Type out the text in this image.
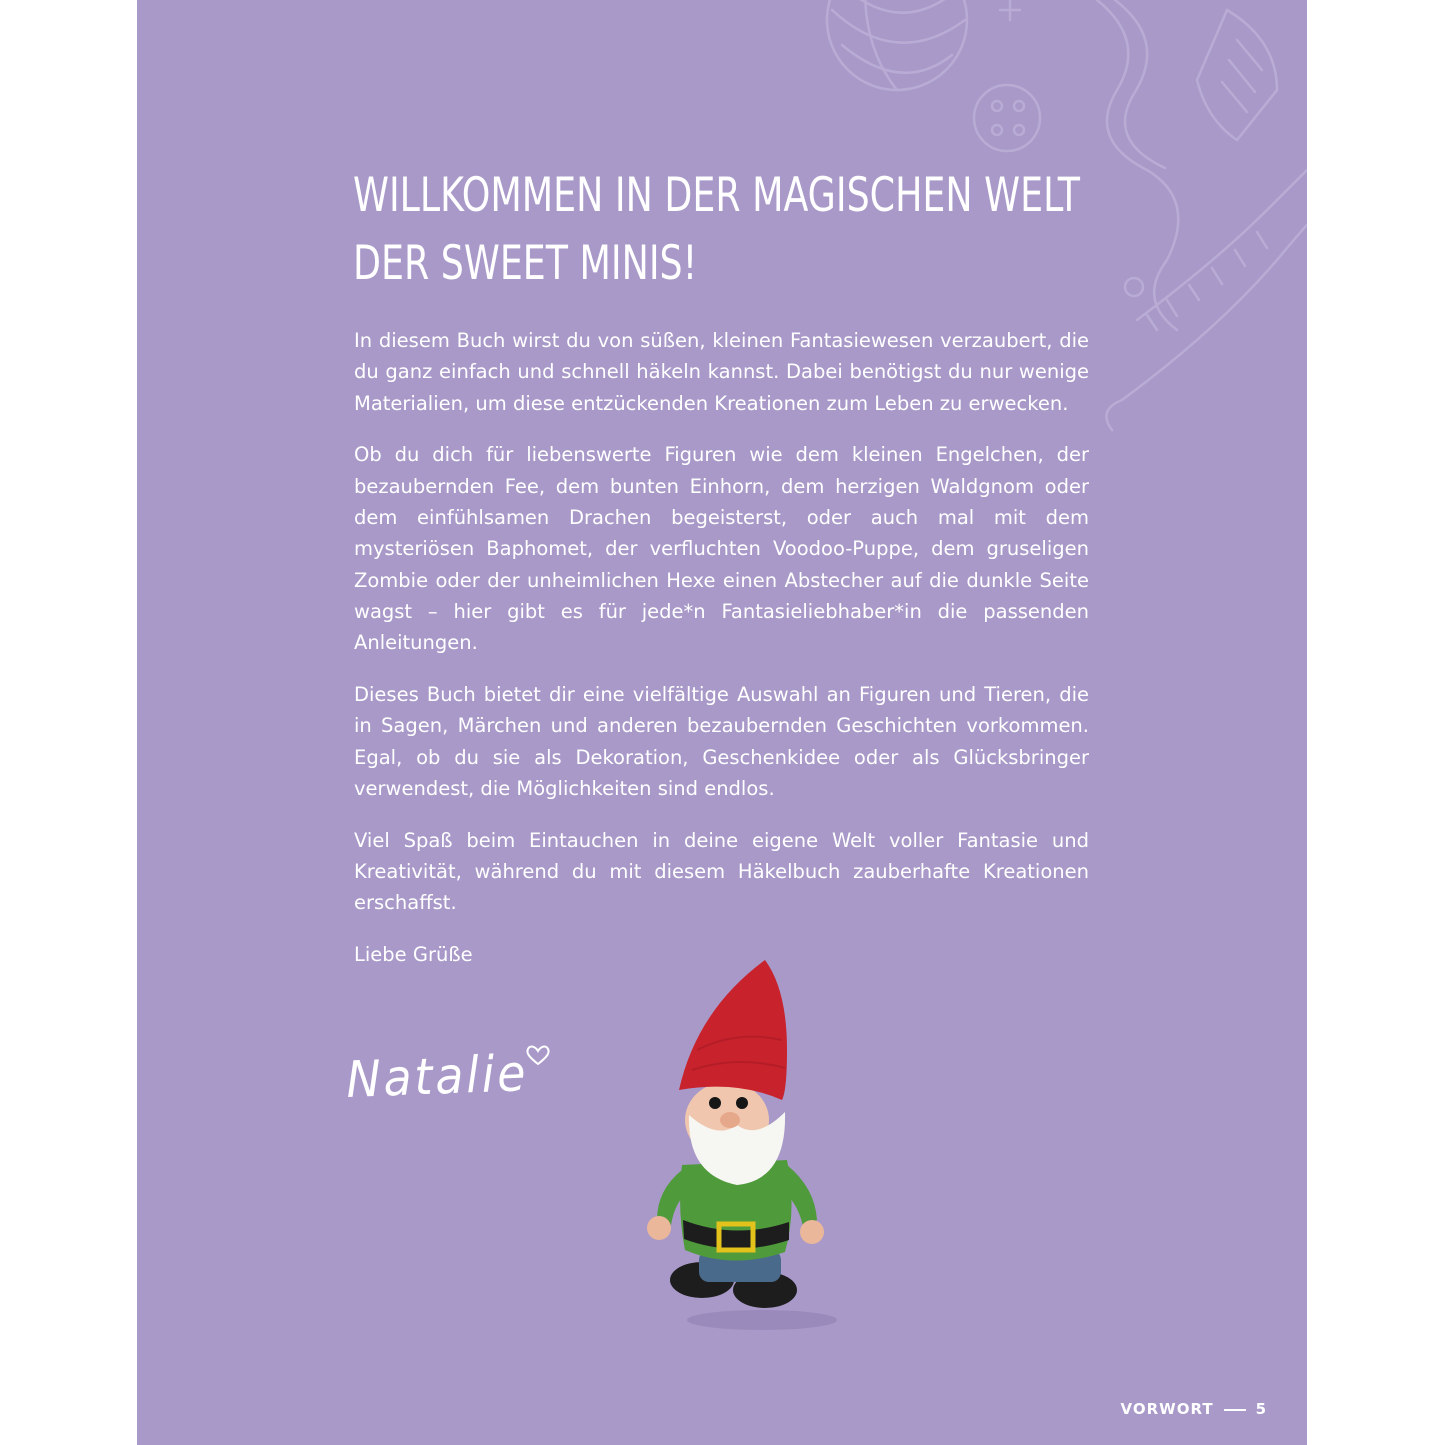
WILLKOMMEN IN DER MAGISCHEN WELT
DER SWEET MINIS!

In diesem Buch wirst du von süßen, kleinen Fantasiewesen verzaubert, die du ganz einfach und schnell häkeln kannst. Dabei benötigst du nur wenige Materialien, um diese entzückenden Kreationen zum Leben zu erwecken.

Ob du dich für liebenswerte Figuren wie dem kleinen Engelchen, der bezaubernden Fee, dem bunten Einhorn, dem herzigen Waldgnom oder dem einfühlsamen Drachen begeisterst, oder auch mal mit dem mysteriösen Baphomet, der verfluchten Voodoo-Puppe, dem gruseligen Zombie oder der unheimlichen Hexe einen Abstecher auf die dunkle Seite wagst – hier gibt es für jede*n Fantasieliebhaber*in die passenden Anleitungen.

Dieses Buch bietet dir eine vielfältige Auswahl an Figuren und Tieren, die in Sagen, Märchen und anderen bezaubernden Geschichten vorkommen. Egal, ob du sie als Dekoration, Geschenkidee oder als Glücksbringer verwendest, die Möglichkeiten sind endlos.

Viel Spaß beim Eintauchen in deine eigene Welt voller Fantasie und Kreativität, während du mit diesem Häkelbuch zauberhafte Kreationen erschaffst.

Liebe Grüße

Natalie
VORWORT	5
